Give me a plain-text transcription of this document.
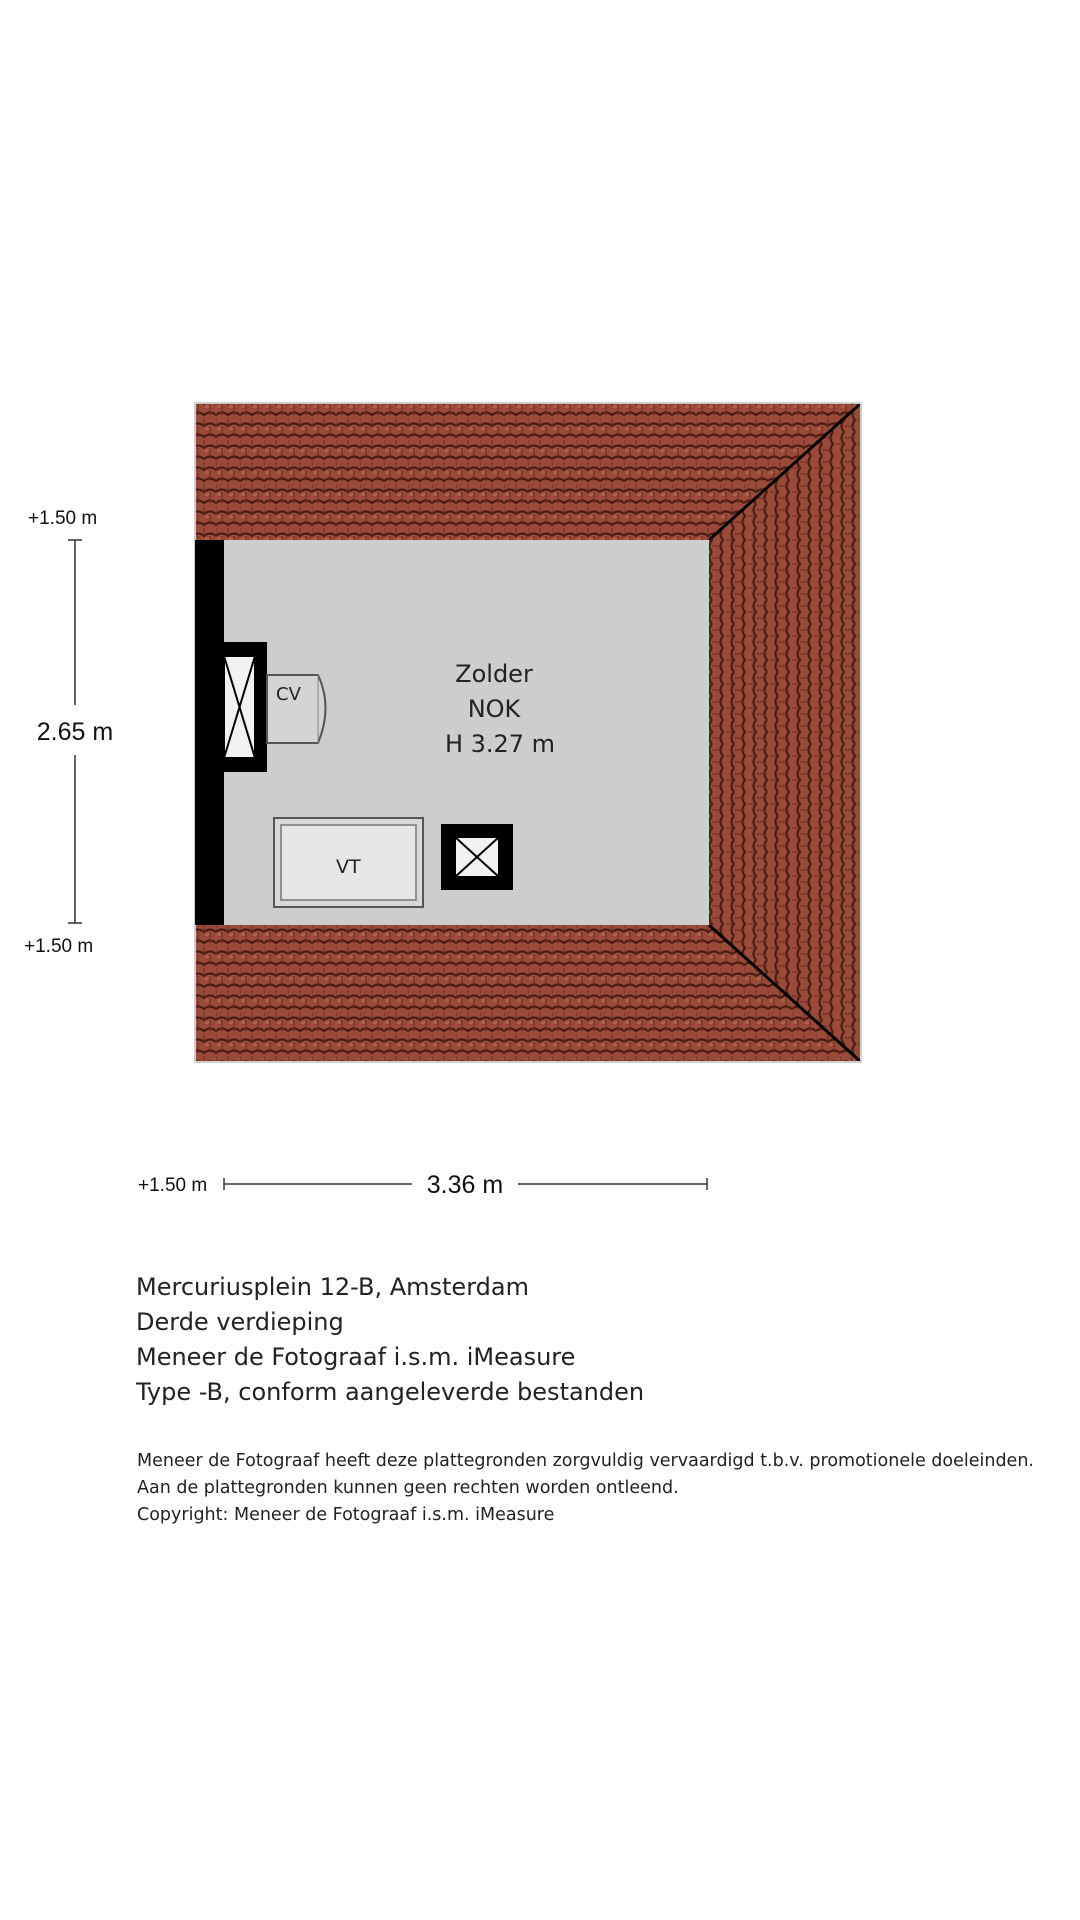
CV
VT
Zolder
NOK
H 3.27 m
+1.50 m
2.65 m
+1.50 m
+1.50 m	3.36 m
Mercuriusplein 12-B, Amsterdam
Derde verdieping
Meneer de Fotograaf i.s.m. iMeasure
Type -B, conform aangeleverde bestanden
Meneer de Fotograaf heeft deze plattegronden zorgvuldig vervaardigd t.b.v. promotionele doeleinden.
Aan de plattegronden kunnen geen rechten worden ontleend.
Copyright: Meneer de Fotograaf i.s.m. iMeasure
